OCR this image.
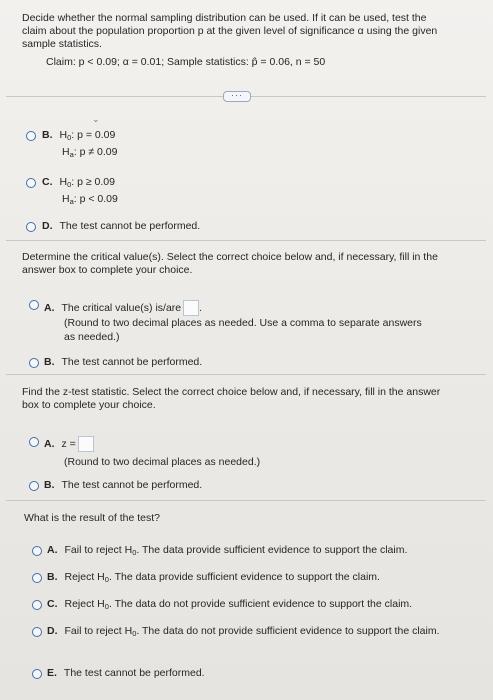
Decide whether the normal sampling distribution can be used. If it can be used, test the
claim about the population proportion p at the given level of significance α using the given
sample statistics.
Claim: p < 0.09; α = 0.01; Sample statistics: p̂ = 0.06, n = 50
···
⌄
B. $H_0$: p = 0.09
$H_a$: p ≠ 0.09
C. $H_0$: p ≥ 0.09
$H_a$: p < 0.09
D. The test cannot be performed.
Determine the critical value(s). Select the correct choice below and, if necessary, fill in the
answer box to complete your choice.
A. The critical value(s) is/are .
(Round to two decimal places as needed. Use a comma to separate answers
as needed.)
B. The test cannot be performed.
Find the z-test statistic. Select the correct choice below and, if necessary, fill in the answer
box to complete your choice.
A. z =
(Round to two decimal places as needed.)
B. The test cannot be performed.
What is the result of the test?
A. Fail to reject $H_0$. The data provide sufficient evidence to support the claim.
B. Reject $H_0$. The data provide sufficient evidence to support the claim.
C. Reject $H_0$. The data do not provide sufficient evidence to support the claim.
D. Fail to reject $H_0$. The data do not provide sufficient evidence to support the claim.
E. The test cannot be performed.
